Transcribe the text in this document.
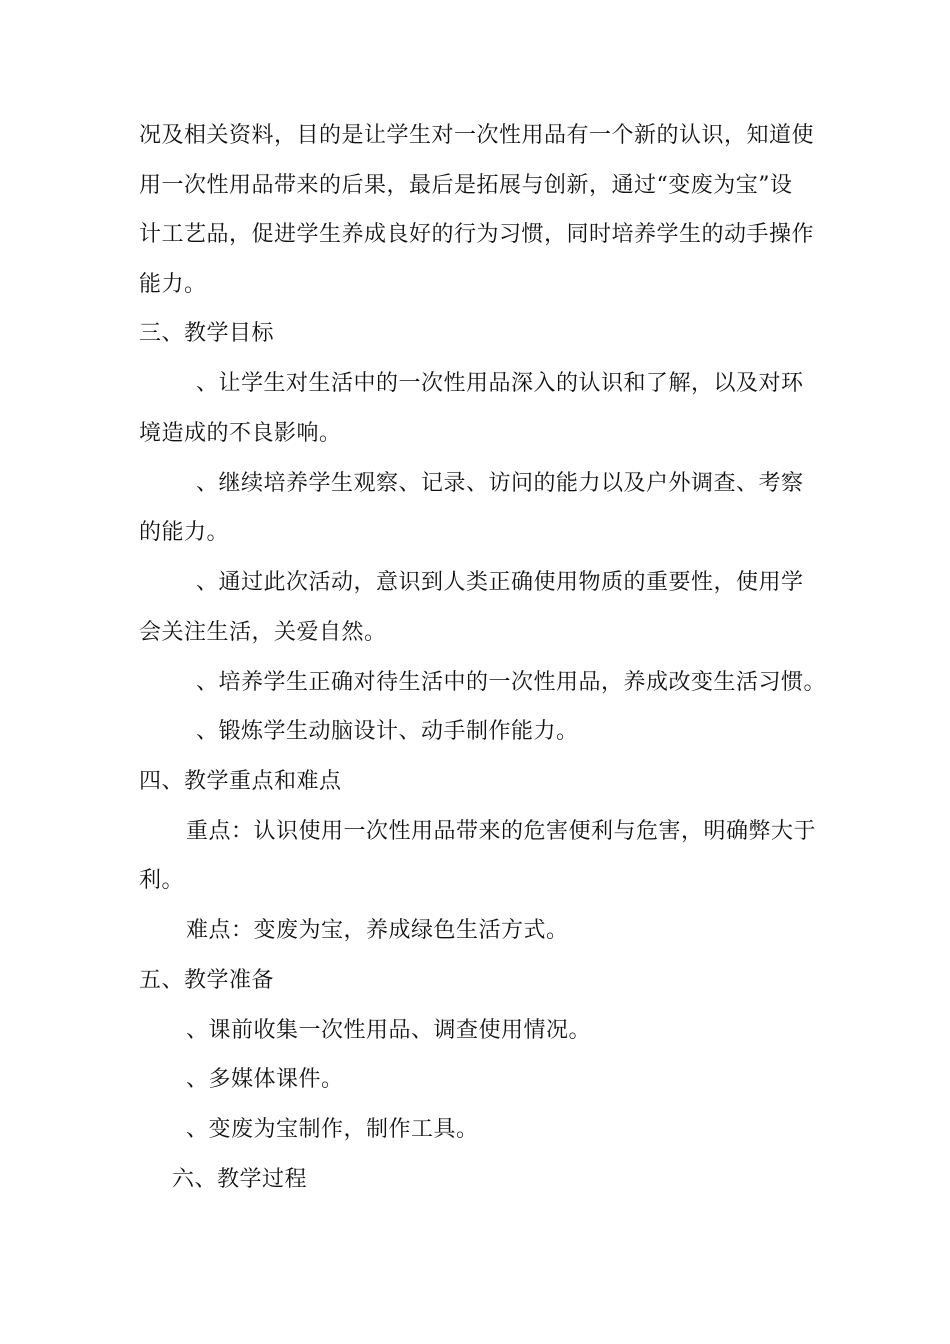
况及相关资料，目的是让学生对一次性用品有一个新的认识，知道使
用一次性用品带来的后果，最后是拓展与创新，通过“变废为宝”设
计工艺品，促进学生养成良好的行为习惯，同时培养学生的动手操作
能力。
三、教学目标
、让学生对生活中的一次性用品深入的认识和了解，以及对环
境造成的不良影响。
、继续培养学生观察、记录、访问的能力以及户外调查、考察
的能力。
、通过此次活动，意识到人类正确使用物质的重要性，使用学
会关注生活，关爱自然。
、培养学生正确对待生活中的一次性用品，养成改变生活习惯。
、锻炼学生动脑设计、动手制作能力。
四、教学重点和难点
重点：认识使用一次性用品带来的危害便利与危害，明确弊大于
利。
难点：变废为宝，养成绿色生活方式。
五、教学准备
、课前收集一次性用品、调查使用情况。
、多媒体课件。
、变废为宝制作，制作工具。
六、教学过程
